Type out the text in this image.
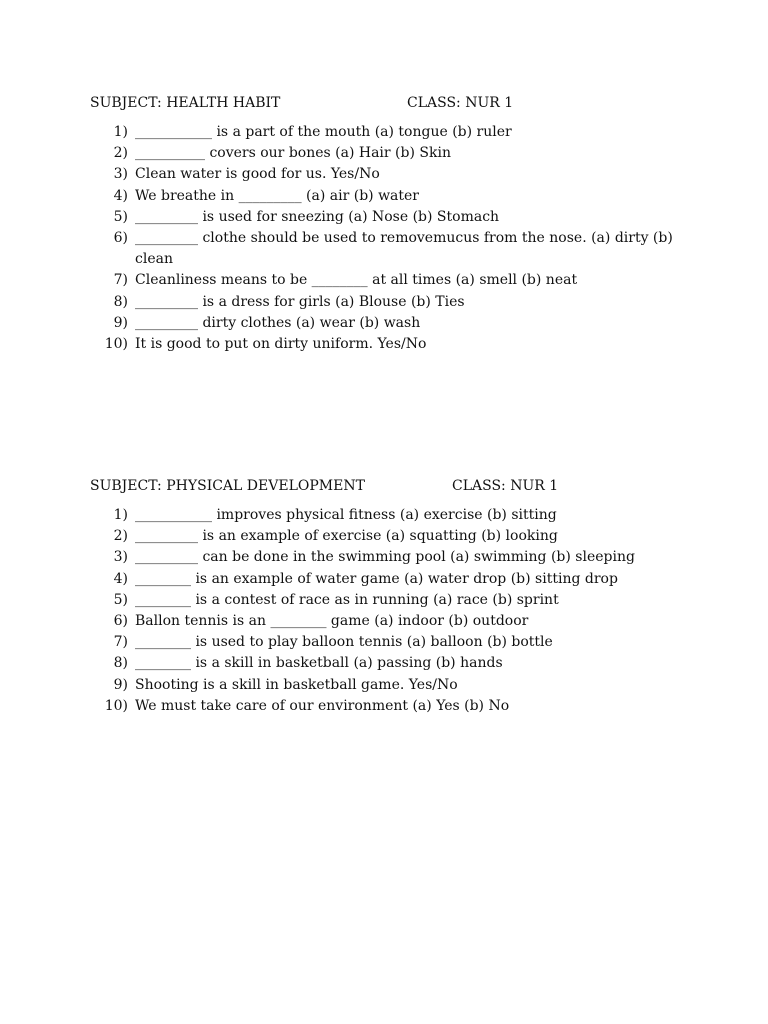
SUBJECT: HEALTH HABIT	CLASS: NUR 1
1) ___________ is a part of the mouth (a) tongue (b) ruler
2) __________ covers our bones (a) Hair (b) Skin
3) Clean water is good for us. Yes/No
4) We breathe in _________ (a) air (b) water
5) _________ is used for sneezing (a) Nose (b) Stomach
6) _________ clothe should be used to removemucus from the nose. (a) dirty (b) clean
7) Cleanliness means to be ________ at all times (a) smell (b) neat
8) _________ is a dress for girls (a) Blouse (b) Ties
9) _________ dirty clothes (a) wear (b) wash
10) It is good to put on dirty uniform. Yes/No
SUBJECT: PHYSICAL DEVELOPMENT	CLASS: NUR 1
1) ___________ improves physical fitness (a) exercise (b) sitting
2) _________ is an example of exercise (a) squatting (b) looking
3) _________ can be done in the swimming pool (a) swimming (b) sleeping
4) ________ is an example of water game (a) water drop (b) sitting drop
5) ________ is a contest of race as in running (a) race (b) sprint
6) Ballon tennis is an ________ game (a) indoor (b) outdoor
7) ________ is used to play balloon tennis (a) balloon (b) bottle
8) ________ is a skill in basketball (a) passing (b) hands
9) Shooting is a skill in basketball game. Yes/No
10) We must take care of our environment (a) Yes (b) No
